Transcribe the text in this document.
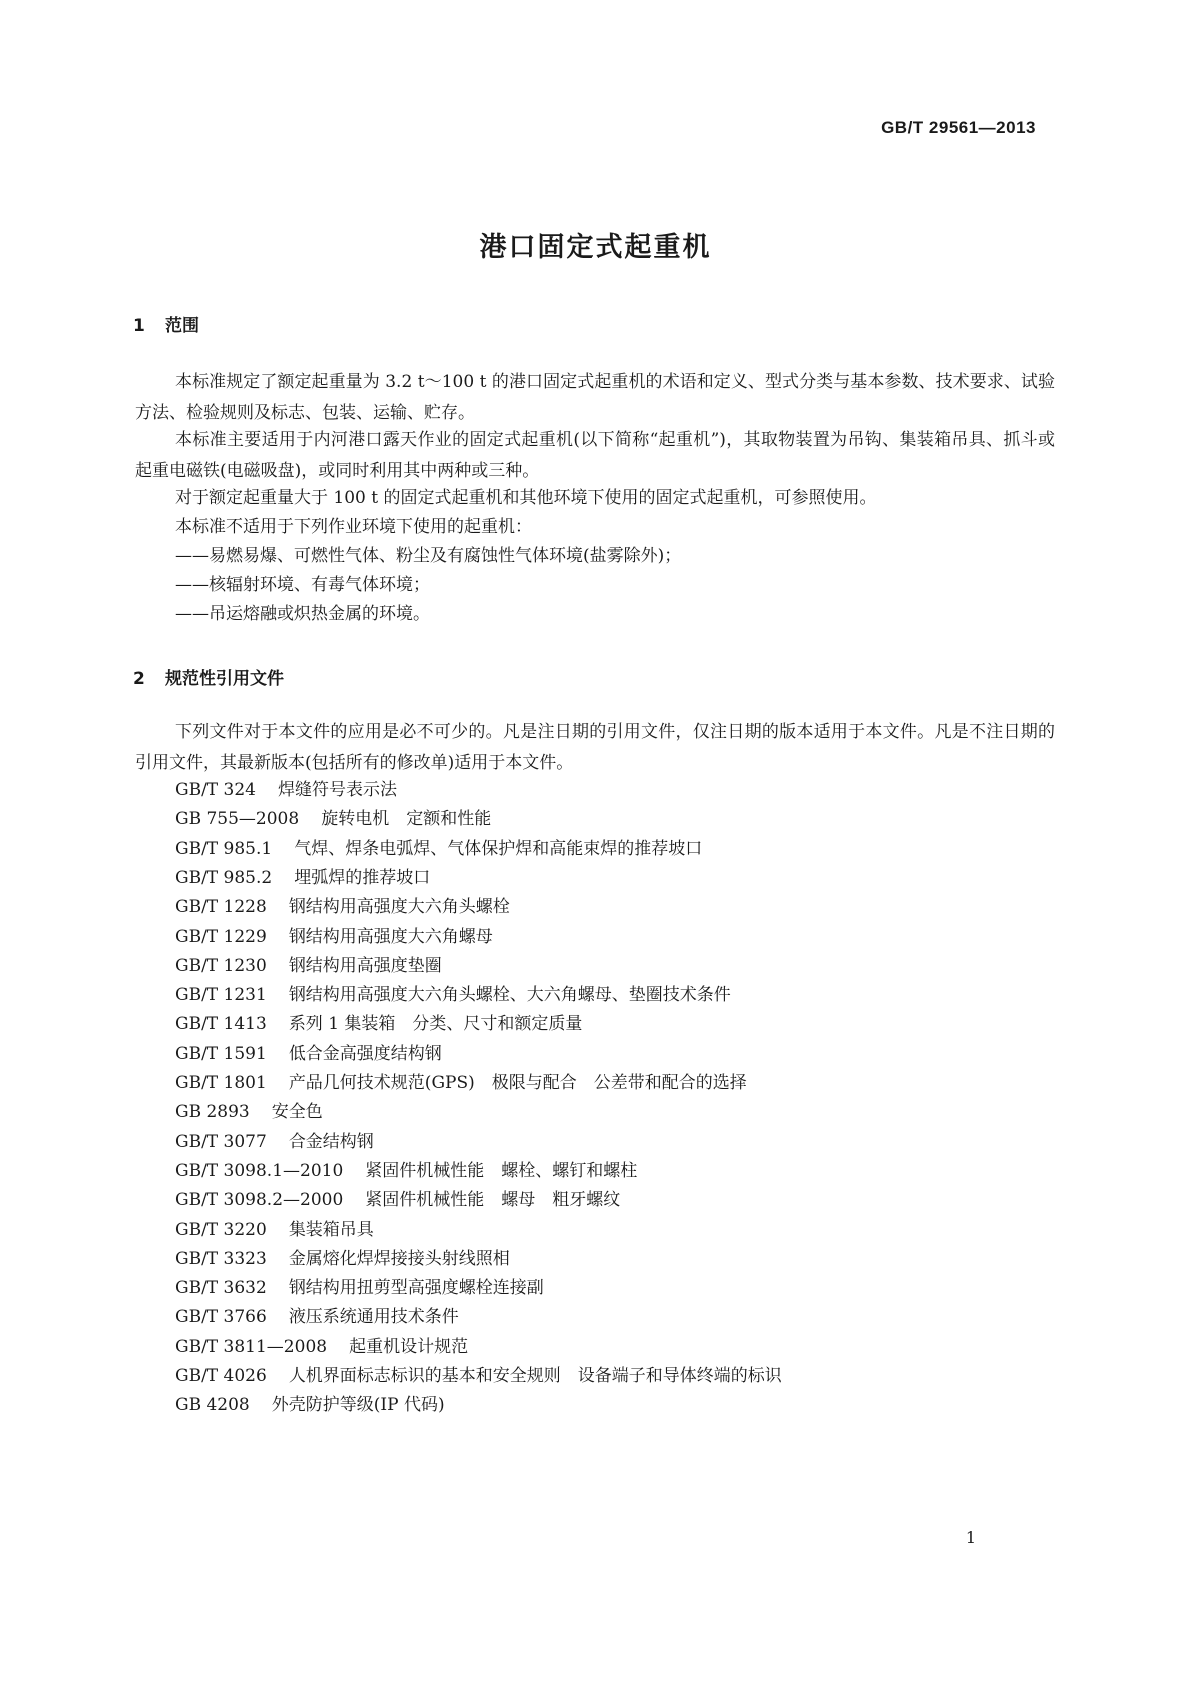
GB/T 29561—2013
港口固定式起重机
1 范围

本标准规定了额定起重量为 3.2 t～100 t 的港口固定式起重机的术语和定义、型式分类与基本参数、技术要求、试验方法、检验规则及标志、包装、运输、贮存。

本标准主要适用于内河港口露天作业的固定式起重机(以下简称“起重机”)，其取物装置为吊钩、集装箱吊具、抓斗或起重电磁铁(电磁吸盘)，或同时利用其中两种或三种。

对于额定起重量大于 100 t 的固定式起重机和其他环境下使用的固定式起重机，可参照使用。
本标准不适用于下列作业环境下使用的起重机：
——易燃易爆、可燃性气体、粉尘及有腐蚀性气体环境(盐雾除外)；
——核辐射环境、有毒气体环境；
——吊运熔融或炽热金属的环境。
2 规范性引用文件

下列文件对于本文件的应用是必不可少的。凡是注日期的引用文件，仅注日期的版本适用于本文件。凡是不注日期的引用文件，其最新版本(包括所有的修改单)适用于本文件。

GB/T 324 焊缝符号表示法
GB 755—2008 旋转电机　定额和性能
GB/T 985.1 气焊、焊条电弧焊、气体保护焊和高能束焊的推荐坡口
GB/T 985.2 埋弧焊的推荐坡口
GB/T 1228 钢结构用高强度大六角头螺栓
GB/T 1229 钢结构用高强度大六角螺母
GB/T 1230 钢结构用高强度垫圈
GB/T 1231 钢结构用高强度大六角头螺栓、大六角螺母、垫圈技术条件
GB/T 1413 系列 1 集装箱　分类、尺寸和额定质量
GB/T 1591 低合金高强度结构钢
GB/T 1801 产品几何技术规范(GPS)　极限与配合　公差带和配合的选择
GB 2893 安全色
GB/T 3077 合金结构钢
GB/T 3098.1—2010 紧固件机械性能　螺栓、螺钉和螺柱
GB/T 3098.2—2000 紧固件机械性能　螺母　粗牙螺纹
GB/T 3220 集装箱吊具
GB/T 3323 金属熔化焊焊接接头射线照相
GB/T 3632 钢结构用扭剪型高强度螺栓连接副
GB/T 3766 液压系统通用技术条件
GB/T 3811—2008 起重机设计规范
GB/T 4026 人机界面标志标识的基本和安全规则　设备端子和导体终端的标识
GB 4208 外壳防护等级(IP 代码)
1
